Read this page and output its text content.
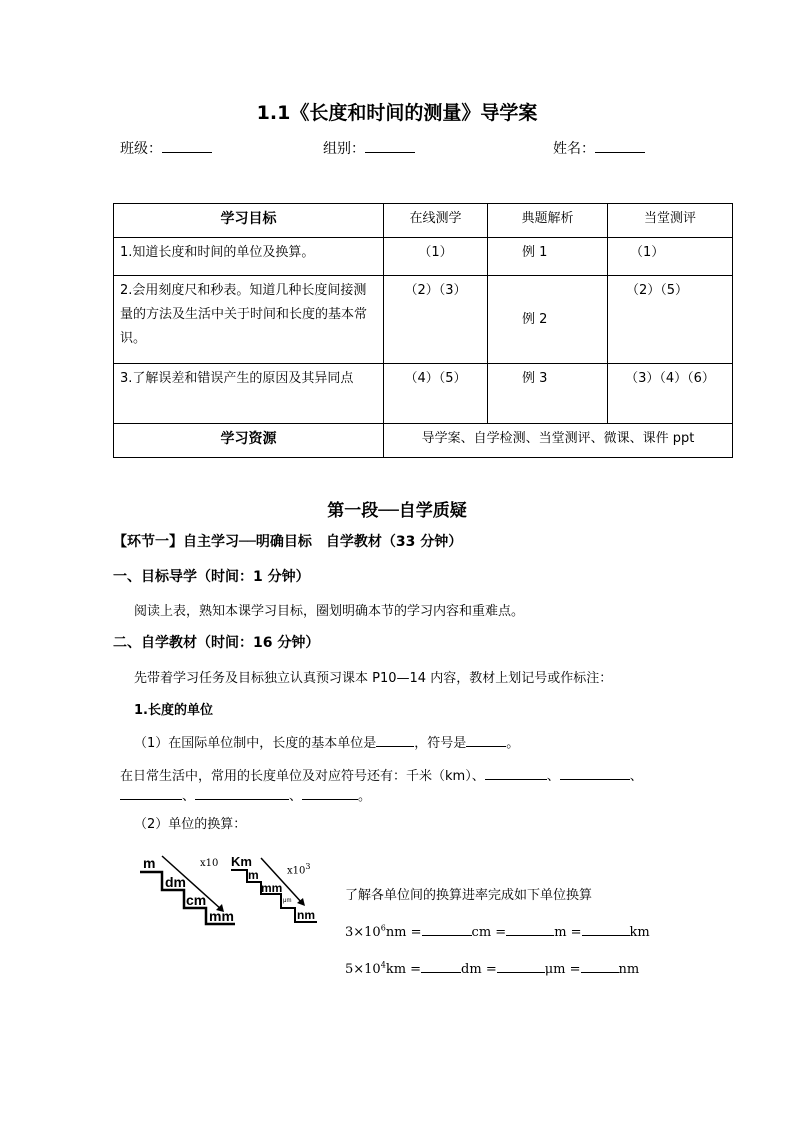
1.1《长度和时间的测量》导学案
班级：	组别：	姓名：
学习目标	在线测学	典题解析	当堂测评
1.知道长度和时间的单位及换算。	（1）	例 1	（1）
2.会用刻度尺和秒表。知道几种长度间接测量的方法及生活中关于时间和长度的基本常识。	（2）（3）	例 2	（2）（5）
3.了解误差和错误产生的原因及其异同点	（4）（5）	例 3	（3）（4）（6）
学习资源	导学案、自学检测、当堂测评、微课、课件 ppt		
第一段──自学质疑
【环节一】自主学习──明确目标　自学教材（33 分钟）
一、目标导学（时间：1 分钟）
阅读上表，熟知本课学习目标，圈划明确本节的学习内容和重难点。
二、自学教材（时间：16 分钟）
先带着学习任务及目标独立认真预习课本 P10—14 内容，教材上划记号或作标注：
1.长度的单位
（1）在国际单位制中，长度的基本单位是	，符号是	。
在日常生活中，常用的长度单位及对应符号还有：千米（km）、	、	、
、	、	。
（2）单位的换算：
m
dm
cm
mm
x10 Km
m
mm
μm
nm
$x10^3$
了解各单位间的换算进率完成如下单位换算
$3\times 10^6nm$ =	cm =	m =	km
$5\times 10^4km$ =	dm =	μm =	nm
